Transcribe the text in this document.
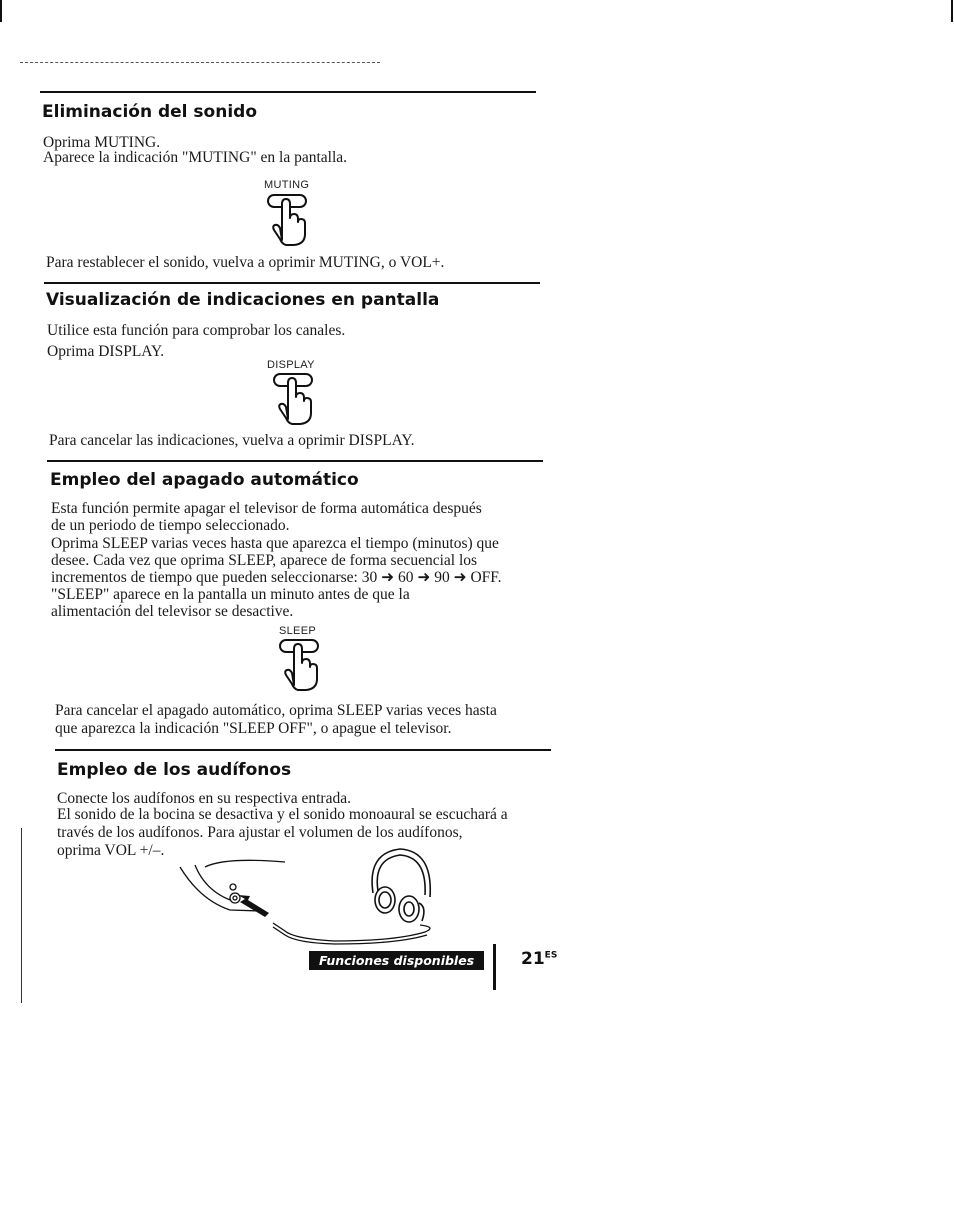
Eliminación del sonido
Oprima MUTING.
Aparece la indicación "MUTING" en la pantalla.
MUTING
Para restablecer el sonido, vuelva a oprimir MUTING, o VOL+.
Visualización de indicaciones en pantalla
Utilice esta función para comprobar los canales.
Oprima DISPLAY.
DISPLAY
Para cancelar las indicaciones, vuelva a oprimir DISPLAY.
Empleo del apagado automático
Esta función permite apagar el televisor de forma automática después
de un periodo de tiempo seleccionado.
Oprima SLEEP varias veces hasta que aparezca el tiempo (minutos) que
desee. Cada vez que oprima SLEEP, aparece de forma secuencial los
incrementos de tiempo que pueden seleccionarse: 30 ➜ 60 ➜ 90 ➜ OFF.
"SLEEP" aparece en la pantalla un minuto antes de que la
alimentación del televisor se desactive.
SLEEP
Para cancelar el apagado automático, oprima SLEEP varias veces hasta
que aparezca la indicación "SLEEP OFF", o apague el televisor.
Empleo de los audífonos
Conecte los audífonos en su respectiva entrada.
El sonido de la bocina se desactiva y el sonido monoaural se escuchará a
través de los audífonos. Para ajustar el volumen de los audífonos,
oprima VOL +/–.
Funciones disponibles	$21^{ES}$
